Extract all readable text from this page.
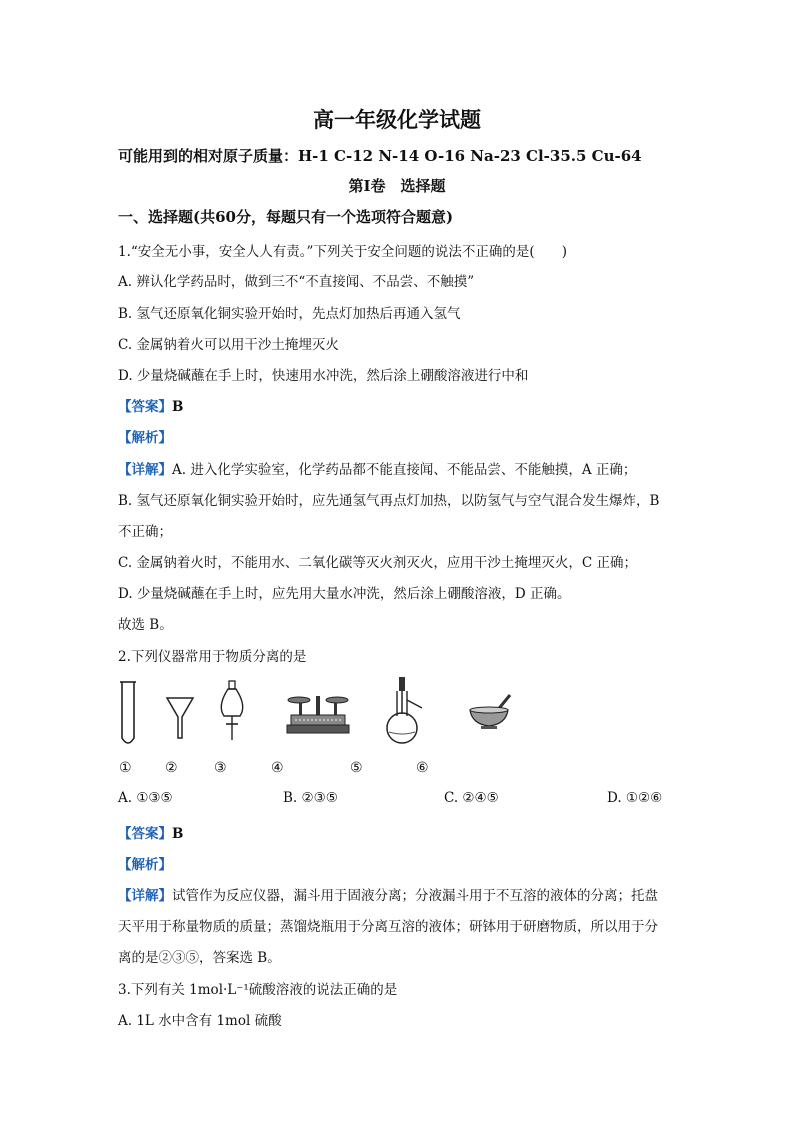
高一年级化学试题
可能用到的相对原子质量：H-1 C-12 N-14 O-16 Na-23 Cl-35.5 Cu-64
第Ⅰ卷　选择题
一、选择题(共60分，每题只有一个选项符合题意)
1.“安全无小事，安全人人有责。”下列关于安全问题的说法不正确的是(　　)
A. 辨认化学药品时，做到三不“不直接闻、不品尝、不触摸”
B. 氢气还原氧化铜实验开始时，先点灯加热后再通入氢气
C. 金属钠着火可以用干沙土掩埋灭火
D. 少量烧碱蘸在手上时，快速用水冲洗，然后涂上硼酸溶液进行中和
【答案】B
【解析】
【详解】A. 进入化学实验室，化学药品都不能直接闻、不能品尝、不能触摸，A 正确；
B. 氢气还原氧化铜实验开始时，应先通氢气再点灯加热，以防氢气与空气混合发生爆炸，B
不正确；
C. 金属钠着火时，不能用水、二氧化碳等灭火剂灭火，应用干沙土掩埋灭火，C 正确；
D. 少量烧碱蘸在手上时，应先用大量水冲洗，然后涂上硼酸溶液，D 正确。
故选 B。
2.下列仪器常用于物质分离的是
① ②	③	④	⑤	⑥
A. ①③⑤	B. ②③⑤	C. ②④⑤	D. ①②⑥
【答案】B
【解析】
【详解】试管作为反应仪器，漏斗用于固液分离；分液漏斗用于不互溶的液体的分离；托盘
天平用于称量物质的质量；蒸馏烧瓶用于分离互溶的液体；研钵用于研磨物质，所以用于分
离的是②③⑤，答案选 B。
3.下列有关 1mol·L⁻¹硫酸溶液的说法正确的是
A. 1L 水中含有 1mol 硫酸
